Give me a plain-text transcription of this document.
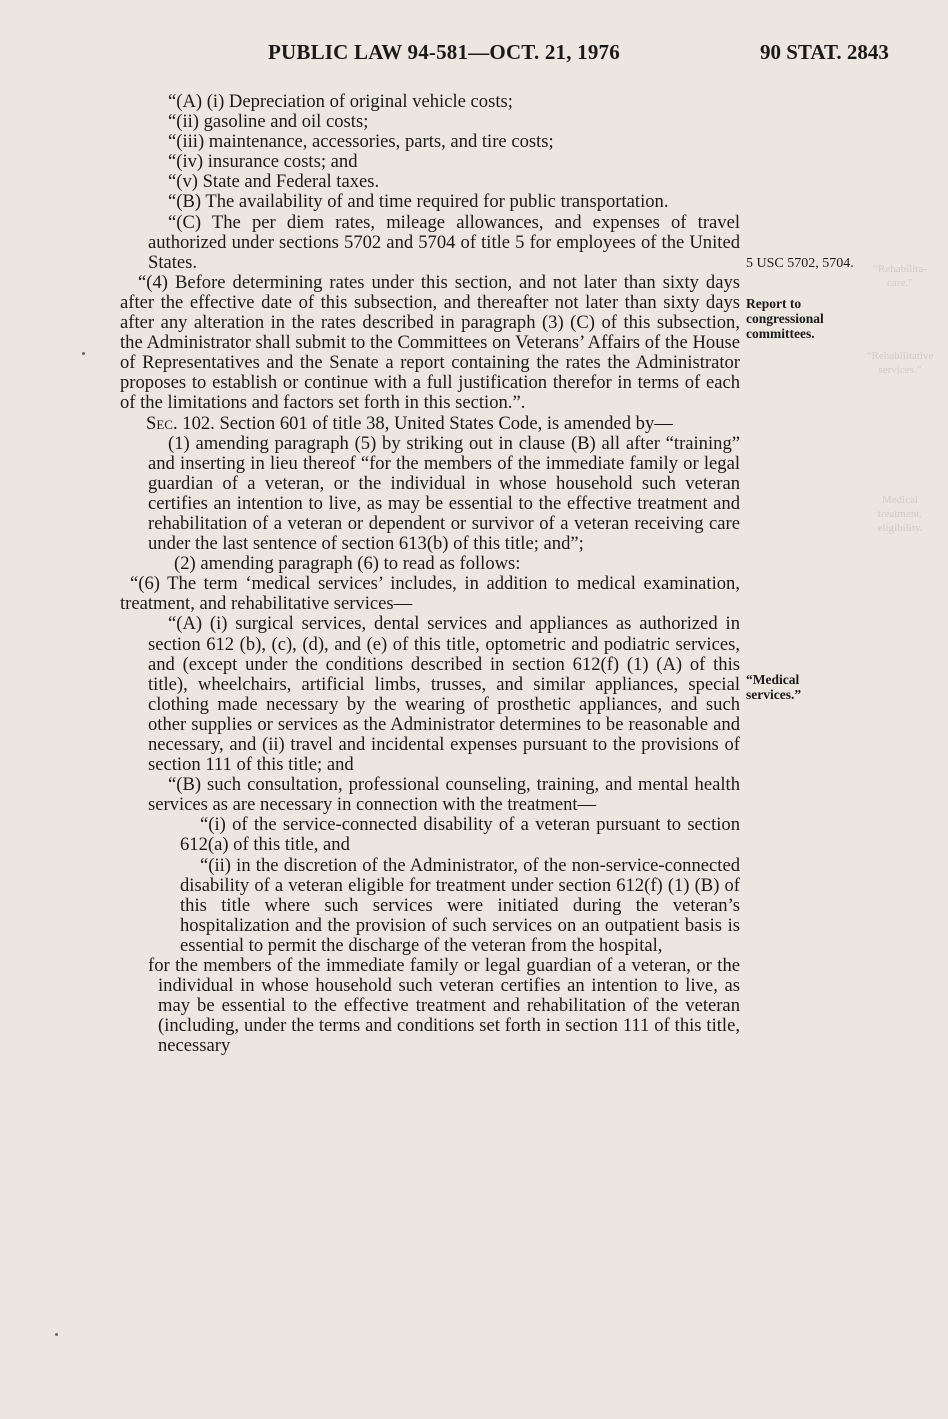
PUBLIC LAW 94-581—OCT. 21, 1976	90 STAT. 2843

“(A) (i) Depreciation of original vehicle costs;

“(ii) gasoline and oil costs;

“(iii) maintenance, accessories, parts, and tire costs;

“(iv) insurance costs; and

“(v) State and Federal taxes.

“(B) The availability of and time required for public transportation.

“(C) The per diem rates, mileage allowances, and expenses of travel authorized under sections 5702 and 5704 of title 5 for employees of the United States.

“(4) Before determining rates under this section, and not later than sixty days after the effective date of this subsection, and thereafter not later than sixty days after any alteration in the rates described in paragraph (3) (C) of this subsection, the Administrator shall submit to the Committees on Veterans’ Affairs of the House of Representatives and the Senate a report containing the rates the Administrator proposes to establish or continue with a full justification therefor in terms of each of the limitations and factors set forth in this section.”.

Sec. 102. Section 601 of title 38, United States Code, is amended by—

(1) amending paragraph (5) by striking out in clause (B) all after “training” and inserting in lieu thereof “for the members of the immediate family or legal guardian of a veteran, or the individual in whose household such veteran certifies an intention to live, as may be essential to the effective treatment and rehabilitation of a veteran or dependent or survivor of a veteran receiving care under the last sentence of section 613(b) of this title; and”;

(2) amending paragraph (6) to read as follows:

“(6) The term ‘medical services’ includes, in addition to medical examination, treatment, and rehabilitative services—

“(A) (i) surgical services, dental services and appliances as authorized in section 612 (b), (c), (d), and (e) of this title, optometric and podiatric services, and (except under the conditions described in section 612(f) (1) (A) of this title), wheelchairs, artificial limbs, trusses, and similar appliances, special clothing made necessary by the wearing of prosthetic appliances, and such other supplies or services as the Administrator determines to be reasonable and necessary, and (ii) travel and incidental expenses pursuant to the provisions of section 111 of this title; and

“(B) such consultation, professional counseling, training, and mental health services as are necessary in connection with the treatment—

“(i) of the service-connected disability of a veteran pursuant to section 612(a) of this title, and

“(ii) in the discretion of the Administrator, of the non-service-connected disability of a veteran eligible for treatment under section 612(f) (1) (B) of this title where such services were initiated during the veteran’s hospitalization and the provision of such services on an outpatient basis is essential to permit the discharge of the veteran from the hospital,

for the members of the immediate family or legal guardian of a veteran, or the individual in whose household such veteran certifies an intention to live, as may be essential to the effective treatment and rehabilitation of the veteran (including, under the terms and conditions set forth in section 111 of this title, necessary

5 USC 5702, 5704.
Report to congressional committees.
“Medical services.”
“Rehabilita- care.”
“Rehabilitative services.”
Medical treatment, eligibility.
